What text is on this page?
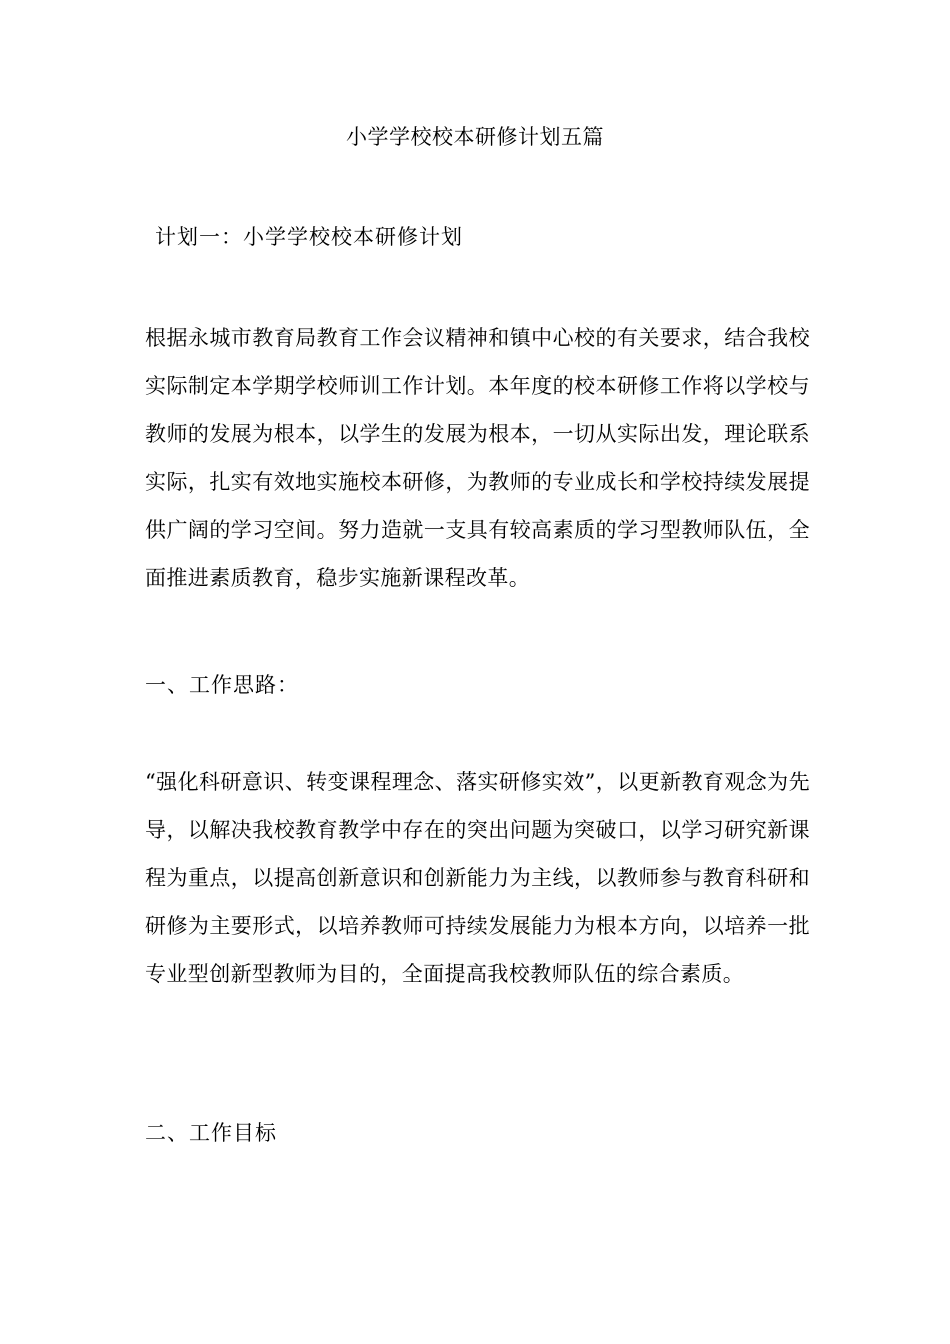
小学学校校本研修计划五篇
计划一：小学学校校本研修计划

根据永城市教育局教育工作会议精神和镇中心校的有关要求，结合我校实际制定本学期学校师训工作计划。本年度的校本研修工作将以学校与教师的发展为根本，以学生的发展为根本，一切从实际出发，理论联系实际，扎实有效地实施校本研修，为教师的专业成长和学校持续发展提供广阔的学习空间。努力造就一支具有较高素质的学习型教师队伍，全面推进素质教育，稳步实施新课程改革。

一、工作思路：

“强化科研意识、转变课程理念、落实研修实效”，以更新教育观念为先导，以解决我校教育教学中存在的突出问题为突破口，以学习研究新课程为重点，以提高创新意识和创新能力为主线，以教师参与教育科研和研修为主要形式，以培养教师可持续发展能力为根本方向，以培养一批专业型创新型教师为目的，全面提高我校教师队伍的综合素质。

二、工作目标
